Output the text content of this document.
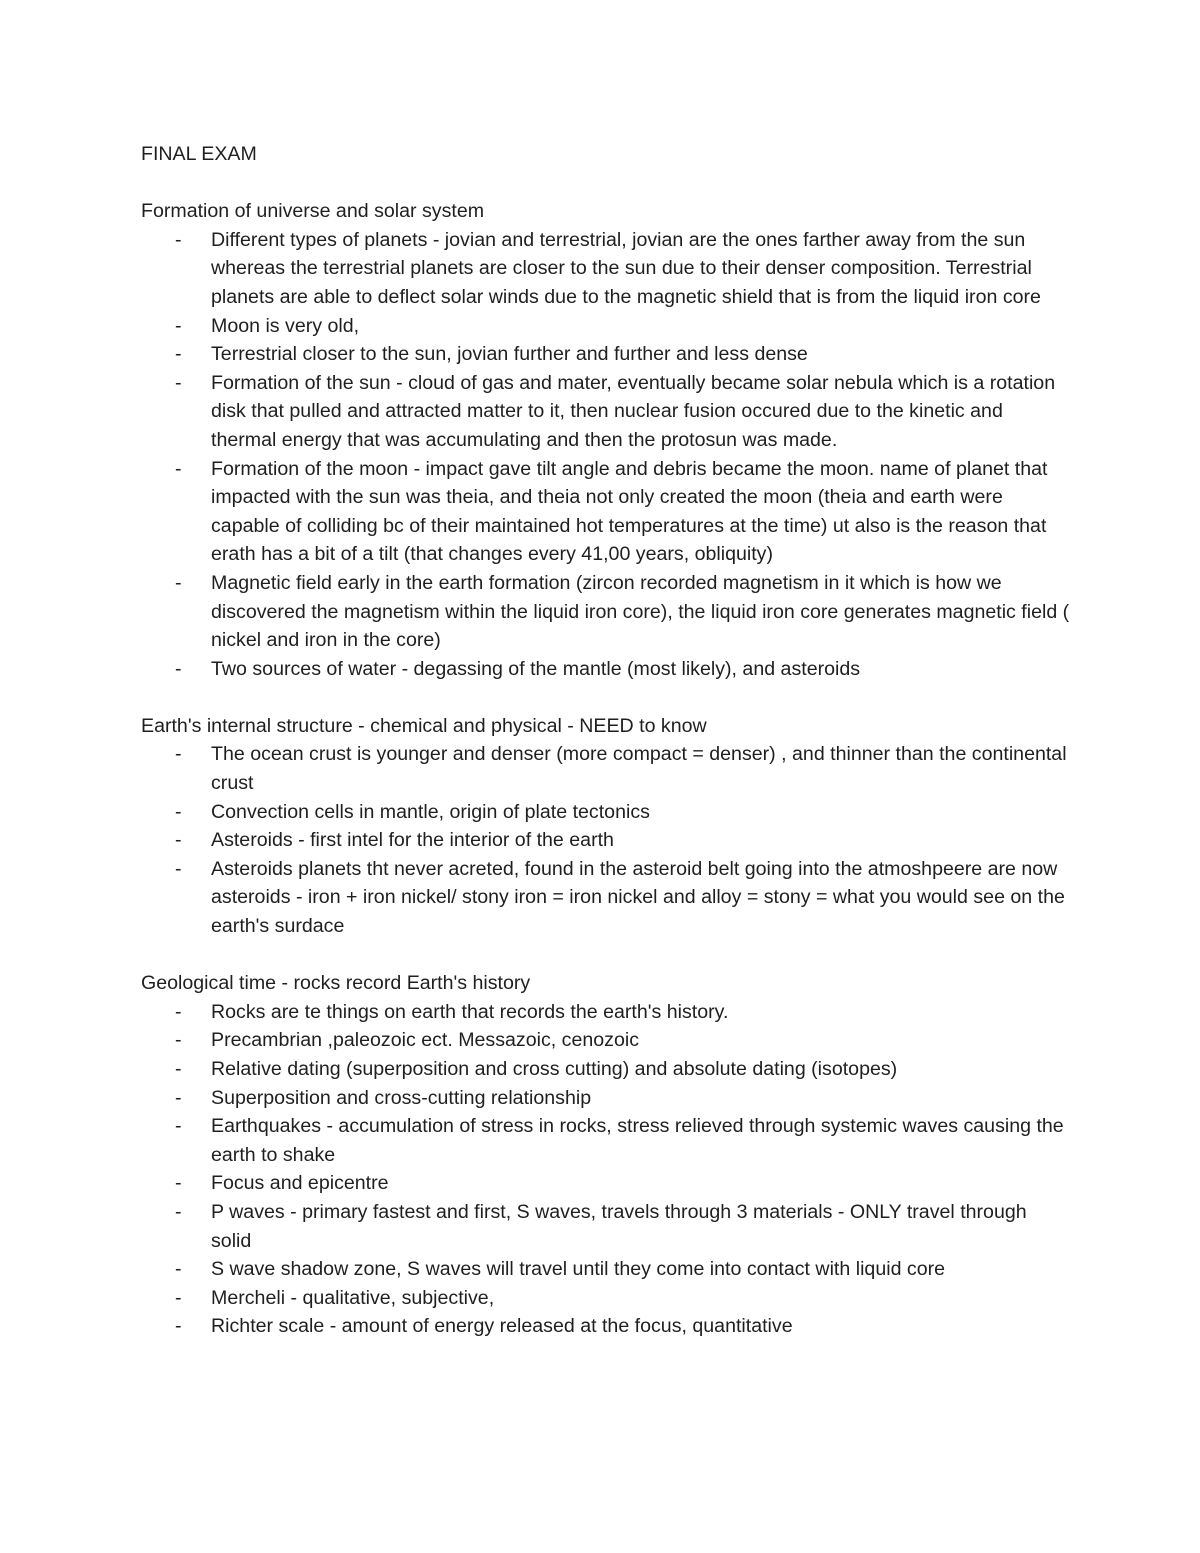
FINAL EXAM
Formation of universe and solar system
- Different types of planets - jovian and terrestrial, jovian are the ones farther away from the sun whereas the terrestrial planets are closer to the sun due to their denser composition. Terrestrial planets are able to deflect solar winds due to the magnetic shield that is from the liquid iron core
- Moon is very old,
- Terrestrial closer to the sun, jovian further and further and less dense
- Formation of the sun - cloud of gas and mater, eventually became solar nebula which is a rotation disk that pulled and attracted matter to it, then nuclear fusion occured due to the kinetic and thermal energy that was accumulating and then the protosun was made.
- Formation of the moon - impact gave tilt angle and debris became the moon. name of planet that impacted with the sun was theia, and theia not only created the moon (theia and earth were capable of colliding bc of their maintained hot temperatures at the time) ut also is the reason that erath has a bit of a tilt (that changes every 41,00 years, obliquity)
- Magnetic field early in the earth formation (zircon recorded magnetism in it which is how we discovered the magnetism within the liquid iron core), the liquid iron core generates magnetic field ( nickel and iron in the core)
- Two sources of water - degassing of the mantle (most likely), and asteroids
Earth's internal structure - chemical and physical - NEED to know
- The ocean crust is younger and denser (more compact = denser) , and thinner than the continental crust
- Convection cells in mantle, origin of plate tectonics
- Asteroids - first intel for the interior of the earth
- Asteroids planets tht never acreted, found in the asteroid belt going into the atmoshpeere are now asteroids - iron + iron nickel/ stony iron = iron nickel and alloy = stony = what you would see on the earth's surdace
Geological time - rocks record Earth's history
- Rocks are te things on earth that records the earth's history.
- Precambrian ,paleozoic ect. Messazoic, cenozoic
- Relative dating (superposition and cross cutting) and absolute dating (isotopes)
- Superposition and cross-cutting relationship
- Earthquakes - accumulation of stress in rocks, stress relieved through systemic waves causing the earth to shake
- Focus and epicentre
- P waves - primary fastest and first, S waves, travels through 3 materials - ONLY travel through solid
- S wave shadow zone, S waves will travel until they come into contact with liquid core
- Mercheli - qualitative, subjective,
- Richter scale - amount of energy released at the focus, quantitative
